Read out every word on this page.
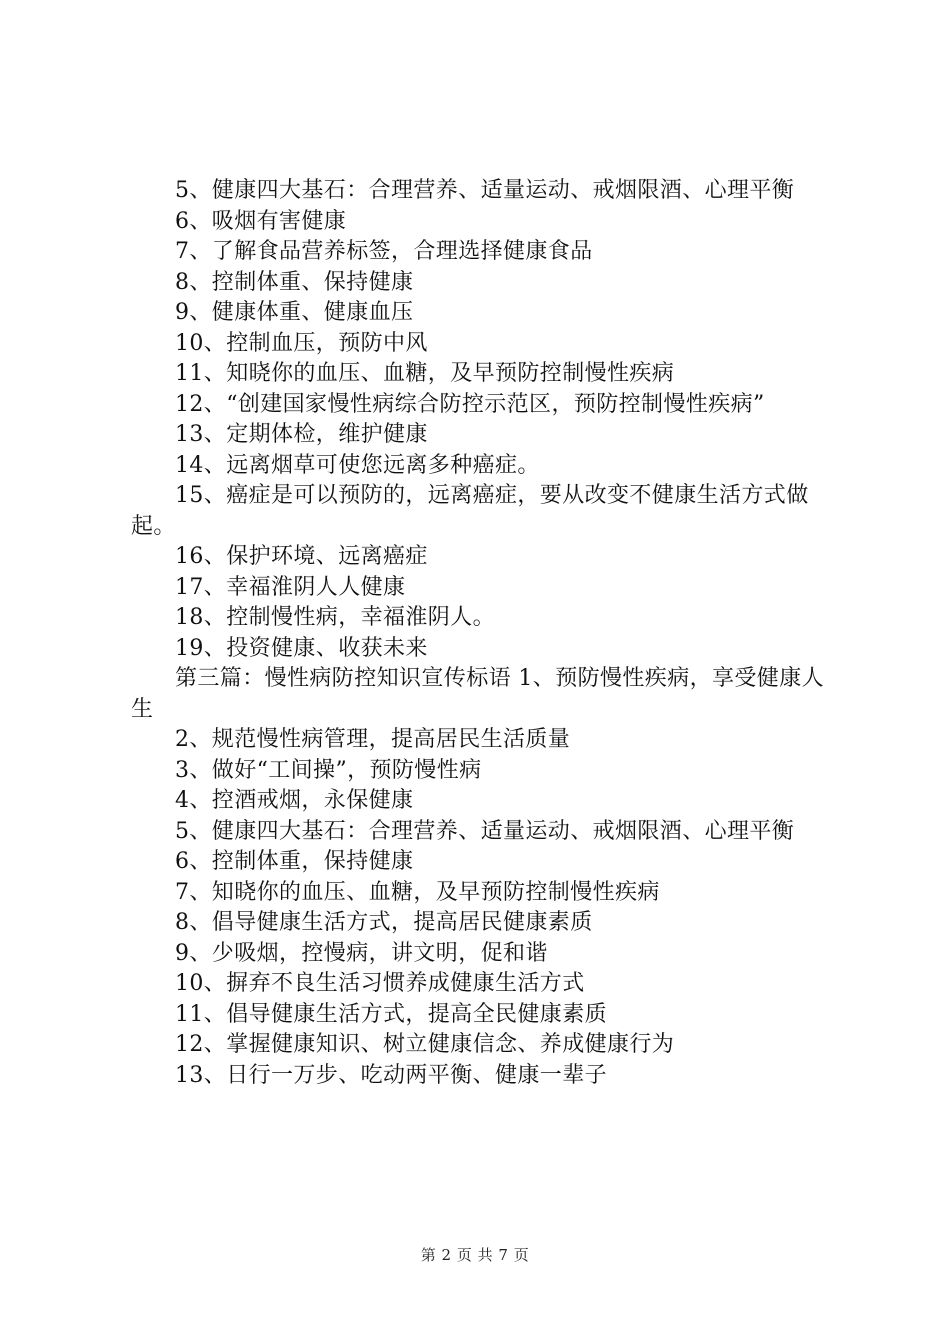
5、健康四大基石：合理营养、适量运动、戒烟限酒、心理平衡

6、吸烟有害健康

7、了解食品营养标签，合理选择健康食品

8、控制体重、保持健康

9、健康体重、健康血压

10、控制血压，预防中风

11、知晓你的血压、血糖，及早预防控制慢性疾病

12、“创建国家慢性病综合防控示范区，预防控制慢性疾病”

13、定期体检，维护健康

14、远离烟草可使您远离多种癌症。

15、癌症是可以预防的，远离癌症，要从改变不健康生活方式做起。

16、保护环境、远离癌症

17、幸福淮阴人人健康

18、控制慢性病，幸福淮阴人。

19、投资健康、收获未来

第三篇：慢性病防控知识宣传标语 1、预防慢性疾病，享受健康人生

2、规范慢性病管理，提高居民生活质量

3、做好“工间操”，预防慢性病

4、控酒戒烟，永保健康

5、健康四大基石：合理营养、适量运动、戒烟限酒、心理平衡

6、控制体重，保持健康

7、知晓你的血压、血糖，及早预防控制慢性疾病

8、倡导健康生活方式，提高居民健康素质

9、少吸烟，控慢病，讲文明，促和谐

10、摒弃不良生活习惯养成健康生活方式

11、倡导健康生活方式，提高全民健康素质

12、掌握健康知识、树立健康信念、养成健康行为

13、日行一万步、吃动两平衡、健康一辈子

第 2 页 共 7 页
